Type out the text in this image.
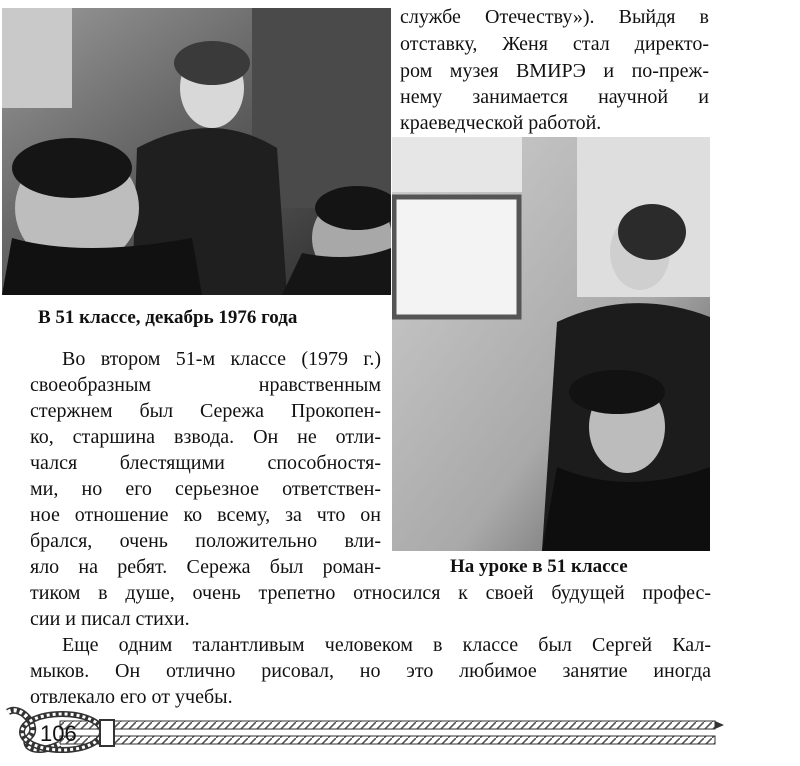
В 51 классе, декабрь 1976 года
службе Отечеству»). Выйдя в
отставку, Женя стал директо-
ром музея ВМИРЭ и по-преж-
нему занимается научной и
краеведческой работой.
На уроке в 51 классе
Во втором 51-м классе (1979 г.)
своеобразным нравственным
стержнем был Сережа Прокопен-
ко, старшина взвода. Он не отли-
чался блестящими способностя-
ми, но его серьезное ответствен-
ное отношение ко всему, за что он
брался, очень положительно вли-
яло на ребят. Сережа был роман-
тиком в душе, очень трепетно относился к своей будущей профес-
сии и писал стихи.
Еще одним талантливым человеком в классе был Сергей Кал-
мыков. Он отлично рисовал, но это любимое занятие иногда
отвлекало его от учебы.
106
